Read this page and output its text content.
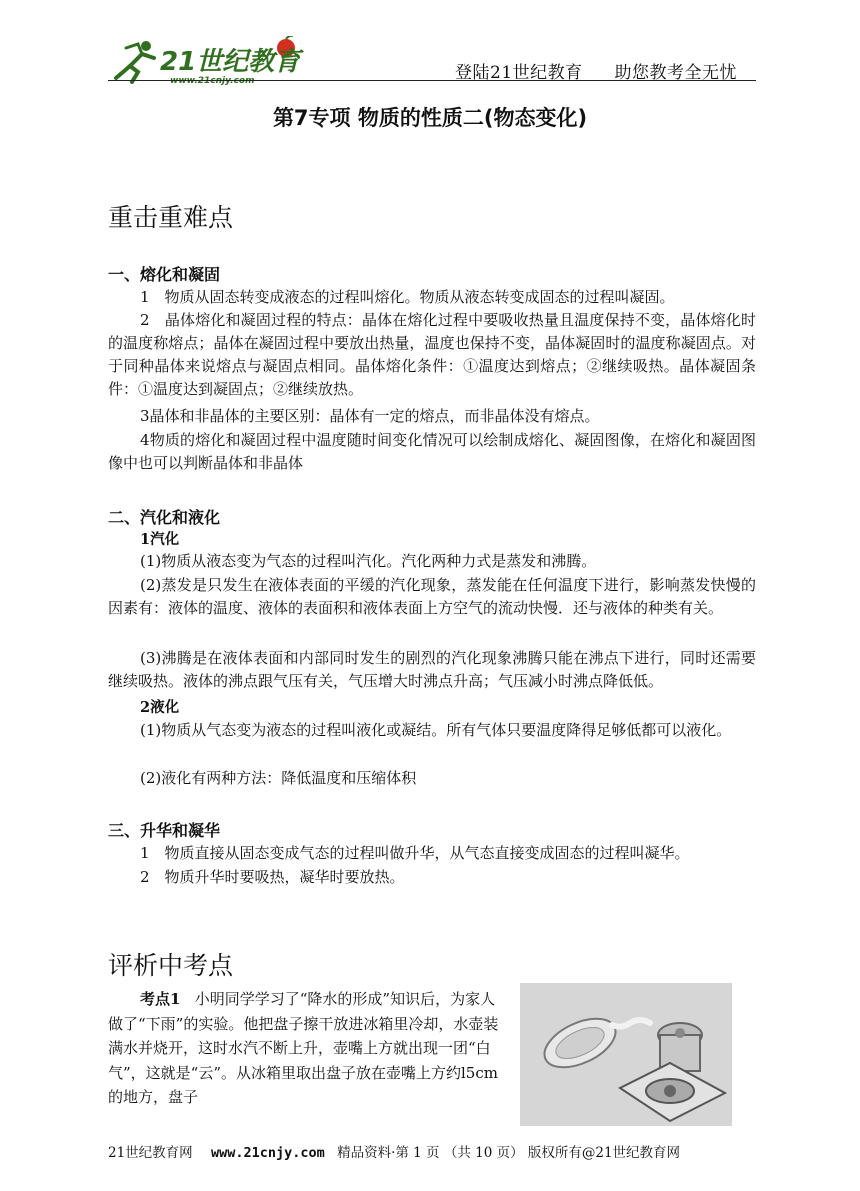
21世纪教育
www.21cnjy.com	登陆21世纪教育 助您教考全无忧
第7专项 物质的性质二(物态变化)
重击重难点
一、熔化和凝固

1　物质从固态转变成液态的过程叫熔化。物质从液态转变成固态的过程叫凝固。

2　晶体熔化和凝固过程的特点：晶体在熔化过程中要吸收热量且温度保持不变，晶体熔化时的温度称熔点；晶体在凝固过程中要放出热量，温度也保持不变，晶体凝固时的温度称凝固点。对于同种晶体来说熔点与凝固点相同。晶体熔化条件：①温度达到熔点；②继续吸热。晶体凝固条件：①温度达到凝固点；②继续放热。

3晶体和非晶体的主要区别：晶体有一定的熔点，而非晶体没有熔点。

4物质的熔化和凝固过程中温度随时间变化情况可以绘制成熔化、凝固图像，在熔化和凝固图像中也可以判断晶体和非晶体

二、汽化和液化
1汽化

(1)物质从液态变为气态的过程叫汽化。汽化两种力式是蒸发和沸腾。

(2)蒸发是只发生在液体表面的平缓的汽化现象，蒸发能在任何温度下进行，影响蒸发快慢的因素有：液体的温度、液体的表面积和液体表面上方空气的流动快慢．还与液体的种类有关。

(3)沸腾是在液体表面和内部同时发生的剧烈的汽化现象沸腾只能在沸点下进行，同时还需要继续吸热。液体的沸点跟气压有关，气压增大时沸点升高；气压减小时沸点降低低。

2液化

(1)物质从气态变为液态的过程叫液化或凝结。所有气体只要温度降得足够低都可以液化。

(2)液化有两种方法：降低温度和压缩体积

三、升华和凝华

1　物质直接从固态变成气态的过程叫做升华，从气态直接变成固态的过程叫凝华。

2　物质升华时要吸热，凝华时要放热。

评析中考点

考点1 小明同学学习了“降水的形成”知识后，为家人做了“下雨”的实验。他把盘子擦干放进冰箱里冷却，水壶装满水并烧开，这时水汽不断上升，壶嘴上方就出现一团“白气”，这就是“云”。从冰箱里取出盘子放在壶嘴上方约l5cm的地方，盘子

21世纪教育网 www.21cnjy.com 精品资料·第 1 页 （共 10 页） 版权所有@21世纪教育网
